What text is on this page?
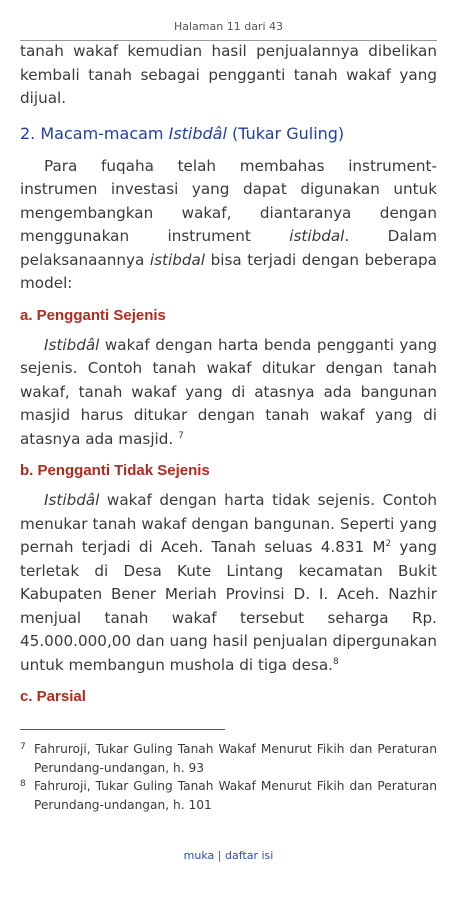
Halaman 11 dari 43

tanah wakaf kemudian hasil penjualannya dibelikan kembali tanah sebagai pengganti tanah wakaf yang dijual.

2. Macam-macam Istibdâl (Tukar Guling)

Para fuqaha telah membahas instrument-instrumen investasi yang dapat digunakan untuk mengembangkan wakaf, diantaranya dengan menggunakan instrument istibdal. Dalam pelaksanaannya istibdal bisa terjadi dengan beberapa model:

a. Pengganti Sejenis

Istibdâl wakaf dengan harta benda pengganti yang sejenis. Contoh tanah wakaf ditukar dengan tanah wakaf, tanah wakaf yang di atasnya ada bangunan masjid harus ditukar dengan tanah wakaf yang di atasnya ada masjid. $^7$

b. Pengganti Tidak Sejenis

Istibdâl wakaf dengan harta tidak sejenis. Contoh menukar tanah wakaf dengan bangunan. Seperti yang pernah terjadi di Aceh. Tanah seluas 4.831 $M^2$ yang terletak di Desa Kute Lintang kecamatan Bukit Kabupaten Bener Meriah Provinsi D. I. Aceh. Nazhir menjual tanah wakaf tersebut seharga Rp. 45.000.000,00 dan uang hasil penjualan dipergunakan untuk membangun mushola di tiga desa.$^8$

c. Parsial
7 Fahruroji, Tukar Guling Tanah Wakaf Menurut Fikih dan Peraturan Perundang-undangan, h. 93
8 Fahruroji, Tukar Guling Tanah Wakaf Menurut Fikih dan Peraturan Perundang-undangan, h. 101
muka | daftar isi
